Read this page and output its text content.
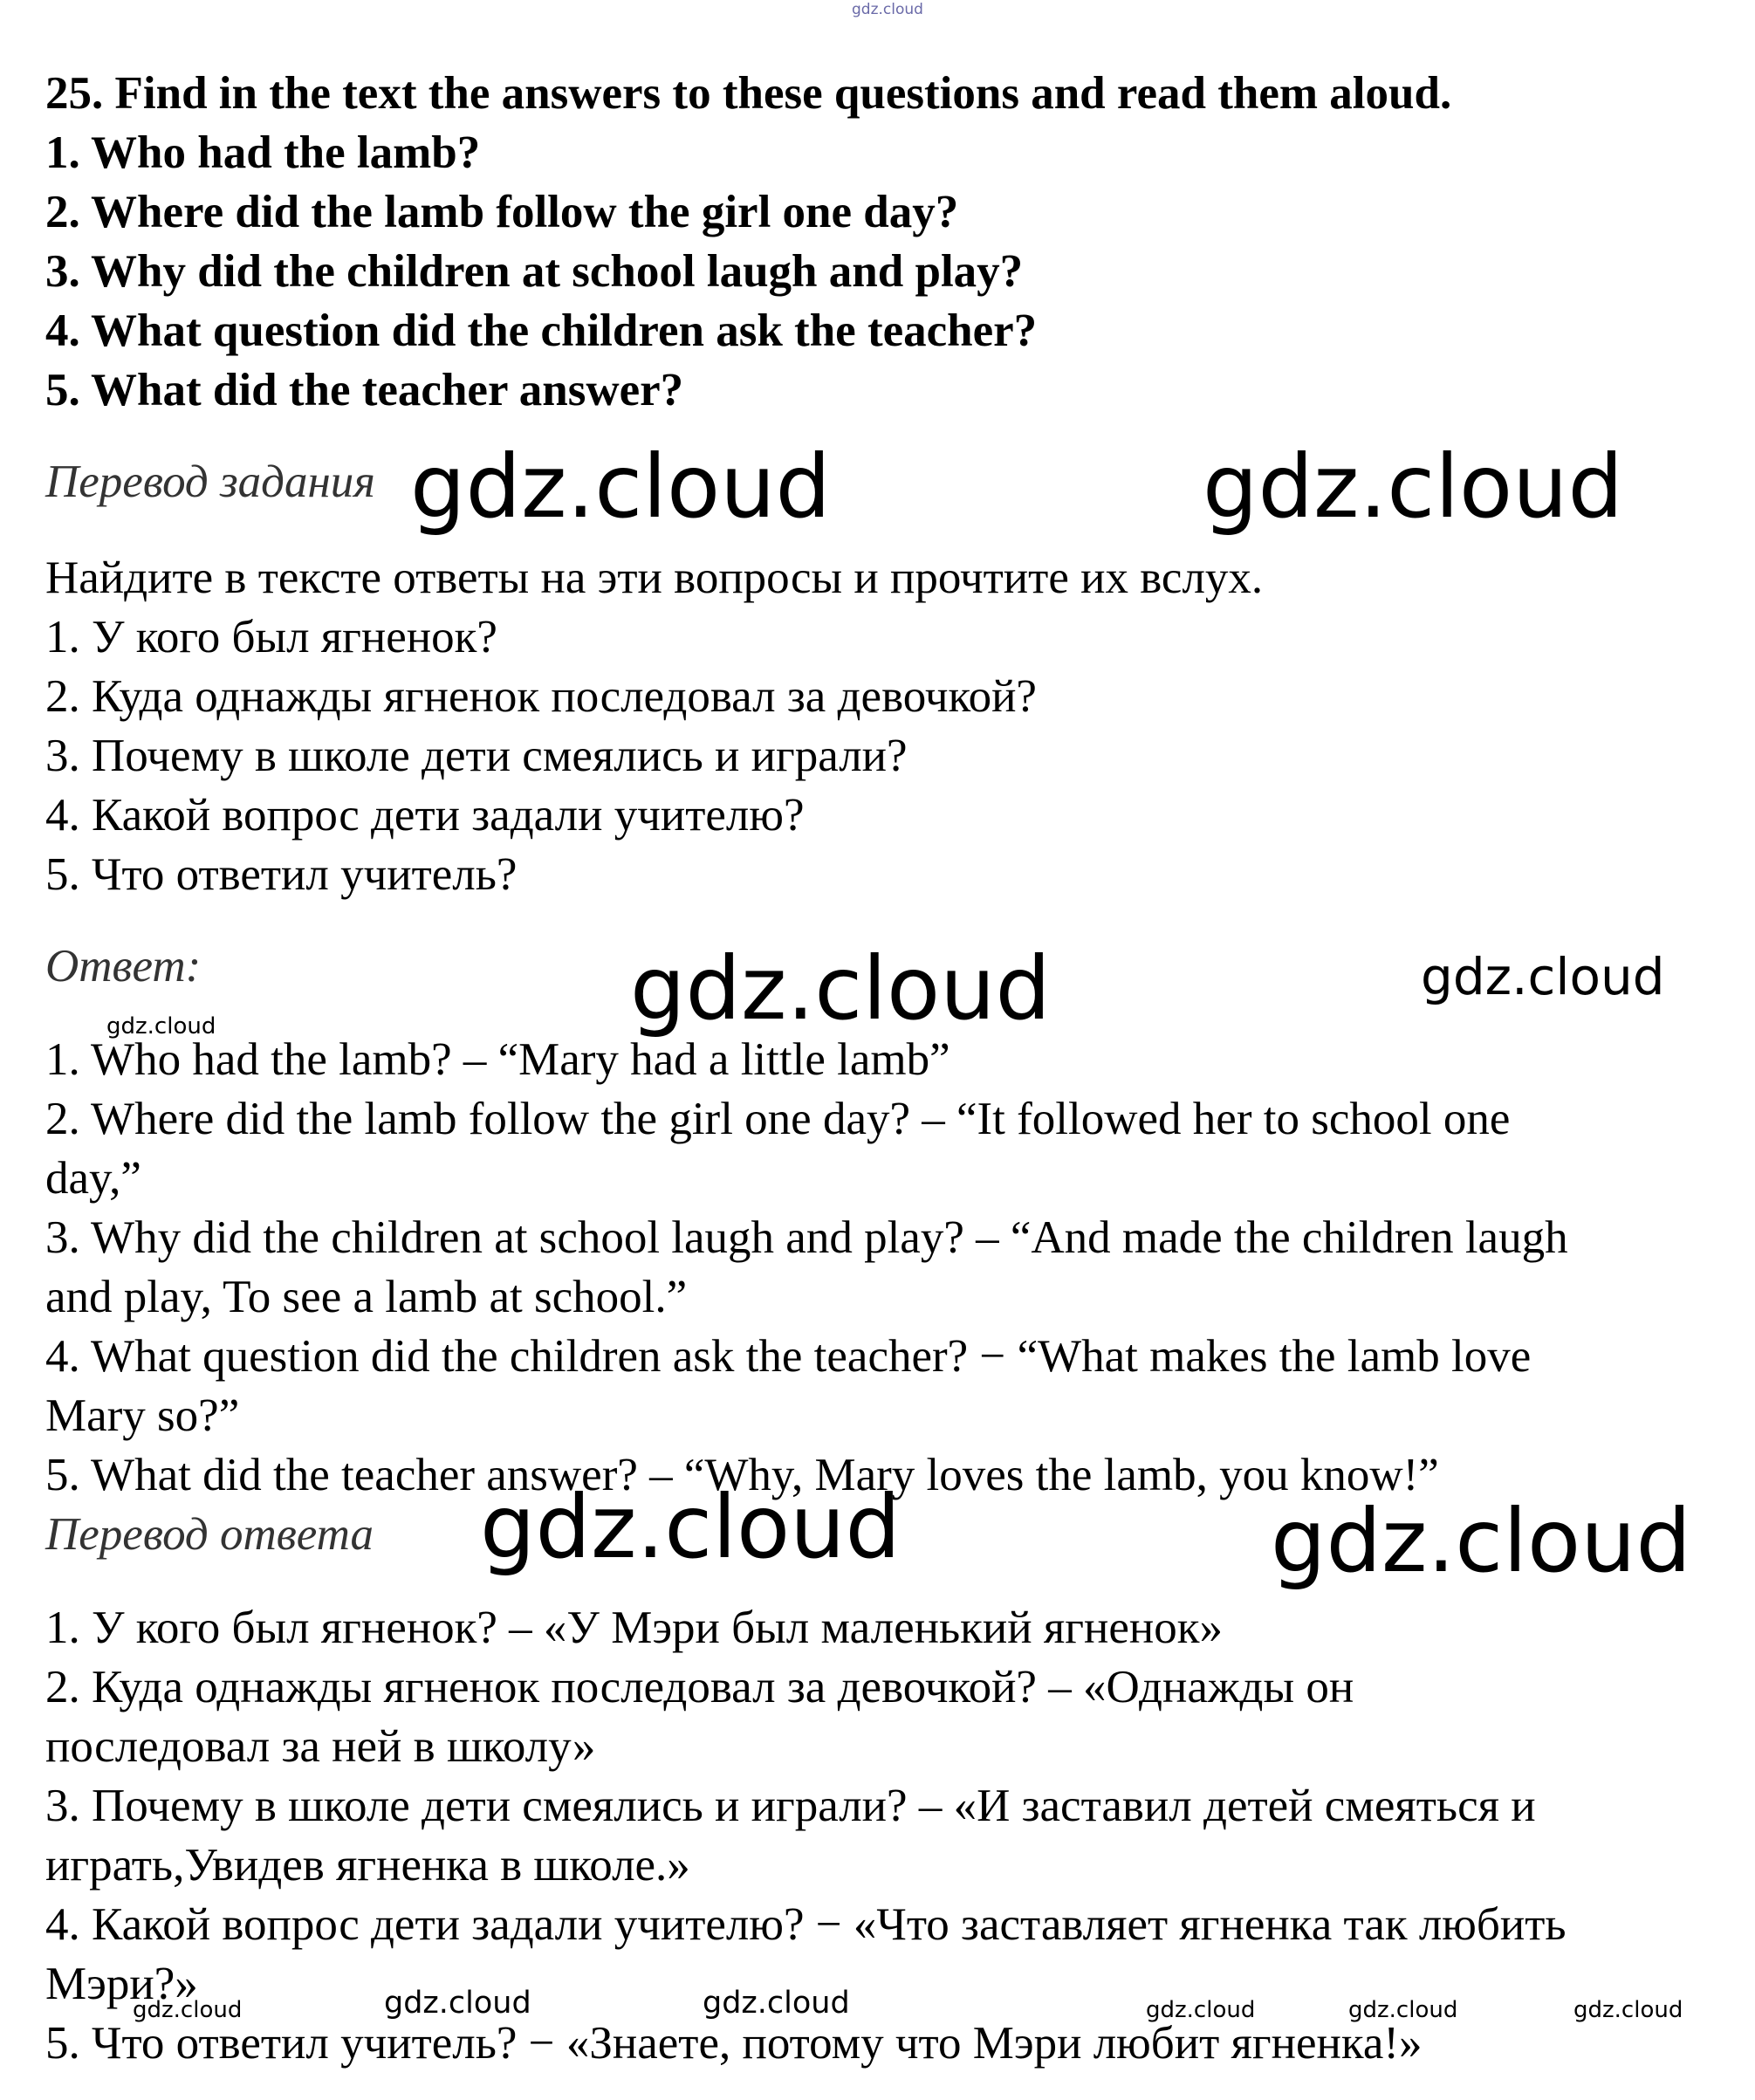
gdz.cloud
25. Find in the text the answers to these questions and read them aloud.
1. Who had the lamb?
2. Where did the lamb follow the girl one day?
3. Why did the children at school laugh and play?
4. What question did the children ask the teacher?
5. What did the teacher answer?
Перевод задания
Найдите в тексте ответы на эти вопросы и прочтите их вслух.
1. У кого был ягненок?
2. Куда однажды ягненок последовал за девочкой?
3. Почему в школе дети смеялись и играли?
4. Какой вопрос дети задали учителю?
5. Что ответил учитель?
Ответ:
1. Who had the lamb? – “Mary had a little lamb”
2. Where did the lamb follow the girl one day? – “It followed her to school one
day,”
3. Why did the children at school laugh and play? – “And made the children laugh
and play, To see a lamb at school.”
4. What question did the children ask the teacher? − “What makes the lamb love
Mary so?”
5. What did the teacher answer? – “Why, Mary loves the lamb, you know!”
Перевод ответа
1. У кого был ягненок? – «У Мэри был маленький ягненок»
2. Куда однажды ягненок последовал за девочкой? – «Однажды он
последовал за ней в школу»
3. Почему в школе дети смеялись и играли? – «И заставил детей смеяться и
играть,Увидев ягненка в школе.»
4. Какой вопрос дети задали учителю? − «Что заставляет ягненка так любить
Мэри?»
5. Что ответил учитель? − «Знаете, потому что Мэри любит ягненка!»
gdz.cloud	gdz.cloud
gdz.cloud	gdz.cloud
gdz.cloud
gdz.cloud	gdz.cloud
gdz.cloud	gdz.cloud	gdz.cloud	gdz.cloud	gdz.cloud	gdz.cloud
